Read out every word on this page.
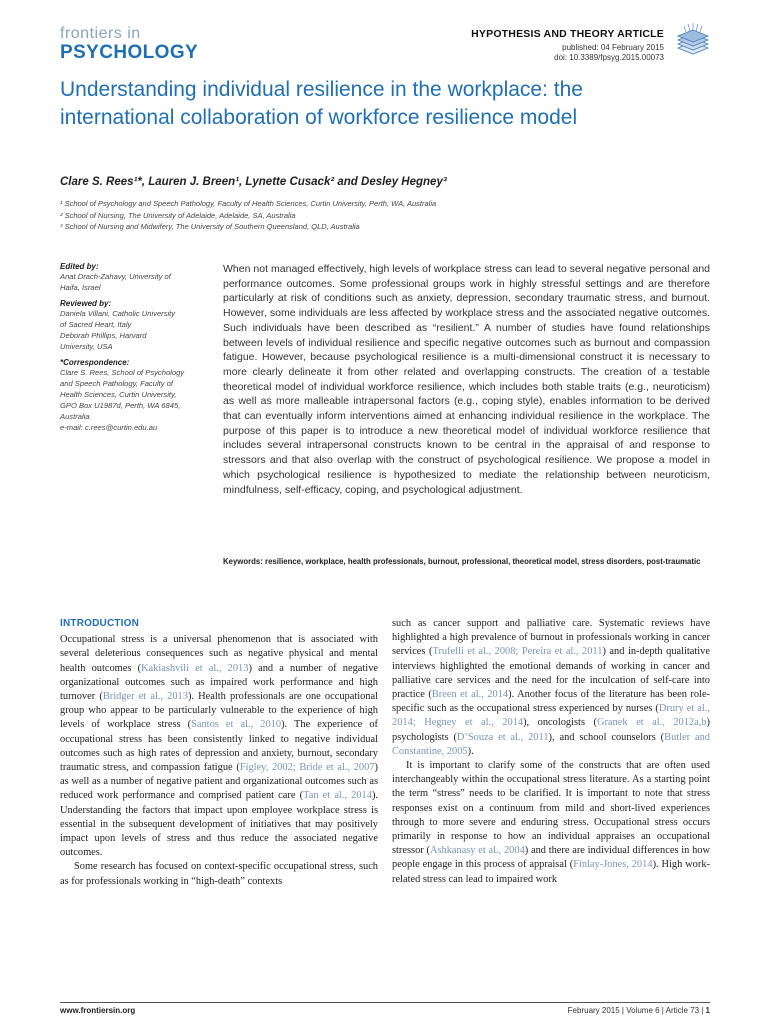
frontiers in
PSYCHOLOGY
HYPOTHESIS AND THEORY ARTICLE
published: 04 February 2015
doi: 10.3389/fpsyg.2015.00073
Understanding individual resilience in the workplace: the international collaboration of workforce resilience model
Clare S. Rees¹*, Lauren J. Breen¹, Lynette Cusack² and Desley Hegney³
¹ School of Psychology and Speech Pathology, Faculty of Health Sciences, Curtin University, Perth, WA, Australia
² School of Nursing, The University of Adelaide, Adelaide, SA, Australia
³ School of Nursing and Midwifery, The University of Southern Queensland, QLD, Australia
Edited by:
Anat Drach-Zahavy, University of
Haifa, Israel
Reviewed by:
Daniela Villani, Catholic University
of Sacred Heart, Italy
Deborah Phillips, Harvard
University, USA
*Correspondence:
Clare S. Rees, School of Psychology
and Speech Pathology, Faculty of
Health Sciences, Curtin University,
GPO Box U1987d, Perth, WA 6845,
Australia
e-mail: c.rees@curtin.edu.au

When not managed effectively, high levels of workplace stress can lead to several negative personal and performance outcomes. Some professional groups work in highly stressful settings and are therefore particularly at risk of conditions such as anxiety, depression, secondary traumatic stress, and burnout. However, some individuals are less affected by workplace stress and the associated negative outcomes. Such individuals have been described as “resilient.” A number of studies have found relationships between levels of individual resilience and specific negative outcomes such as burnout and compassion fatigue. However, because psychological resilience is a multi-dimensional construct it is necessary to more clearly delineate it from other related and overlapping constructs. The creation of a testable theoretical model of individual workforce resilience, which includes both stable traits (e.g., neuroticism) as well as more malleable intrapersonal factors (e.g., coping style), enables information to be derived that can eventually inform interventions aimed at enhancing individual resilience in the workplace. The purpose of this paper is to introduce a new theoretical model of individual workforce resilience that includes several intrapersonal constructs known to be central in the appraisal of and response to stressors and that also overlap with the construct of psychological resilience. We propose a model in which psychological resilience is hypothesized to mediate the relationship between neuroticism, mindfulness, self-efficacy, coping, and psychological adjustment.

Keywords: resilience, workplace, health professionals, burnout, professional, theoretical model, stress disorders, post-traumatic
INTRODUCTION

Occupational stress is a universal phenomenon that is associated with several deleterious consequences such as negative physical and mental health outcomes (Kakiashvili et al., 2013) and a number of negative organizational outcomes such as impaired work performance and high turnover (Bridger et al., 2013). Health professionals are one occupational group who appear to be particularly vulnerable to the experience of high levels of workplace stress (Santos et al., 2010). The experience of occupational stress has been consistently linked to negative individual outcomes such as high rates of depression and anxiety, burnout, secondary traumatic stress, and compassion fatigue (Figley, 2002; Bride et al., 2007) as well as a number of negative patient and organizational outcomes such as reduced work performance and comprised patient care (Tan et al., 2014). Understanding the factors that impact upon employee workplace stress is essential in the subsequent development of initiatives that may positively impact upon levels of stress and thus reduce the associated negative outcomes.

Some research has focused on context-specific occupational stress, such as for professionals working in “high-death” contexts

such as cancer support and palliative care. Systematic reviews have highlighted a high prevalence of burnout in professionals working in cancer services (Trufelli et al., 2008; Pereira et al., 2011) and in-depth qualitative interviews highlighted the emotional demands of working in cancer and palliative care services and the need for the inculcation of self-care into practice (Breen et al., 2014). Another focus of the literature has been role-specific such as the occupational stress experienced by nurses (Drury et al., 2014; Hegney et al., 2014), oncologists (Granek et al., 2012a,b) psychologists (D’Souza et al., 2011), and school counselors (Butler and Constantine, 2005).

It is important to clarify some of the constructs that are often used interchangeably within the occupational stress literature. As a starting point the term “stress” needs to be clarified. It is important to note that stress responses exist on a continuum from mild and short-lived experiences through to more severe and enduring stress. Occupational stress occurs primarily in response to how an individual appraises an occupational stressor (Ashkanasy et al., 2004) and there are individual differences in how people engage in this process of appraisal (Finlay-Jones, 2014). High work-related stress can lead to impaired work

www.frontiersin.org	February 2015 | Volume 6 | Article 73 | 1
